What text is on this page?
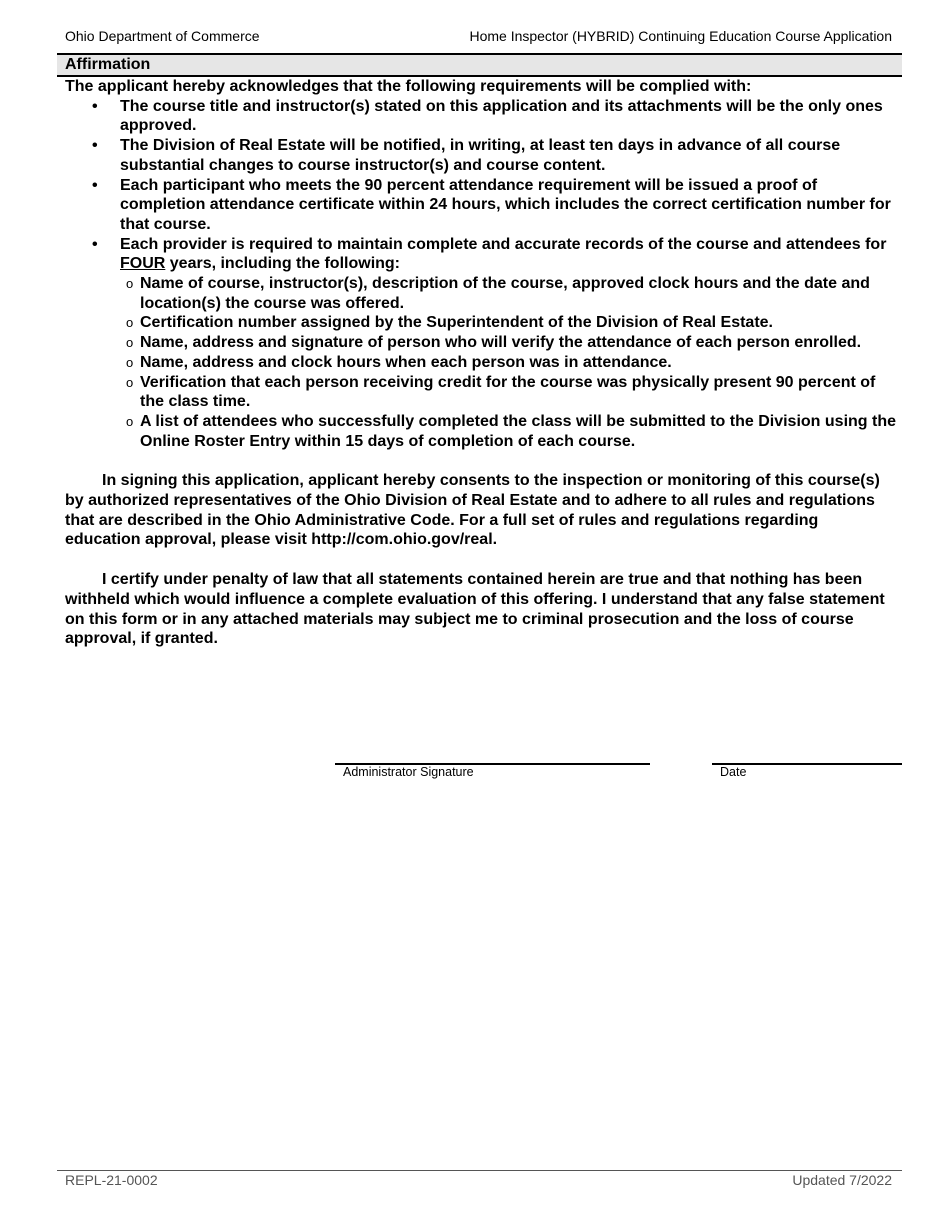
Ohio Department of Commerce	Home Inspector (HYBRID) Continuing Education Course Application
Affirmation

The applicant hereby acknowledges that the following requirements will be complied with:

• The course title and instructor(s) stated on this application and its attachments will be the only ones approved.
• The Division of Real Estate will be notified, in writing, at least ten days in advance of all course substantial changes to course instructor(s) and course content.
• Each participant who meets the 90 percent attendance requirement will be issued a proof of completion attendance certificate within 24 hours, which includes the correct certification number for that course.
• Each provider is required to maintain complete and accurate records of the course and attendees for FOUR years, including the following:
o Name of course, instructor(s), description of the course, approved clock hours and the date and location(s) the course was offered.
o Certification number assigned by the Superintendent of the Division of Real Estate.
o Name, address and signature of person who will verify the attendance of each person enrolled.
o Name, address and clock hours when each person was in attendance.
o Verification that each person receiving credit for the course was physically present 90 percent of the class time.
o A list of attendees who successfully completed the class will be submitted to the Division using the Online Roster Entry within 15 days of completion of each course.

In signing this application, applicant hereby consents to the inspection or monitoring of this course(s) by authorized representatives of the Ohio Division of Real Estate and to adhere to all rules and regulations that are described in the Ohio Administrative Code. For a full set of rules and regulations regarding education approval, please visit http://com.ohio.gov/real.

I certify under penalty of law that all statements contained herein are true and that nothing has been withheld which would influence a complete evaluation of this offering. I understand that any false statement on this form or in any attached materials may subject me to criminal prosecution and the loss of course approval, if granted.

Administrator Signature	Date
REPL-21-0002	Updated 7/2022
